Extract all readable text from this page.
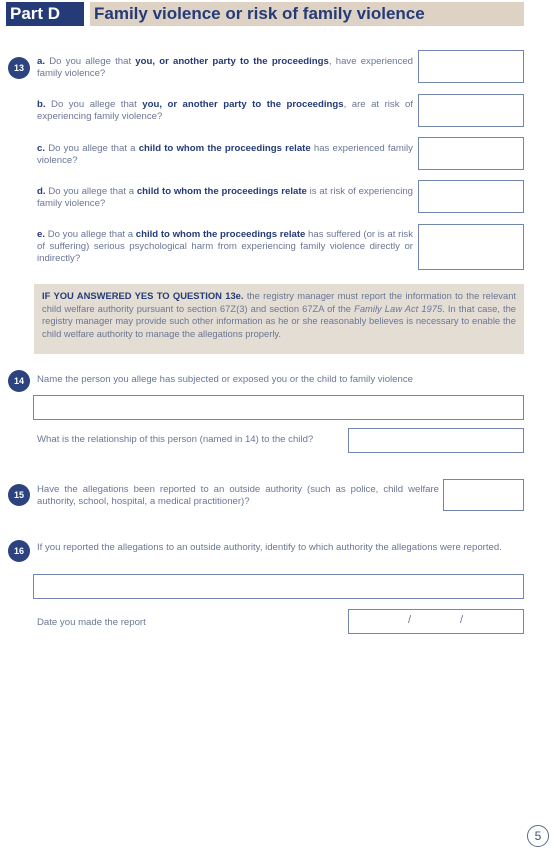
Part D	Family violence or risk of family violence
13
a. Do you allege that you, or another party to the proceedings, have experienced family violence?
b. Do you allege that you, or another party to the proceedings, are at risk of experiencing family violence?
c. Do you allege that a child to whom the proceedings relate has experienced family violence?
d. Do you allege that a child to whom the proceedings relate is at risk of experiencing family violence?
e. Do you allege that a child to whom the proceedings relate has suffered (or is at risk of suffering) serious psychological harm from experiencing family violence directly or indirectly?
IF YOU ANSWERED YES TO QUESTION 13e. the registry manager must report the information to the relevant child welfare authority pursuant to section 67Z(3) and section 67ZA of the Family Law Act 1975. In that case, the registry manager may provide such other information as he or she reasonably believes is necessary to enable the child welfare authority to manage the allegations properly.
14	Name the person you allege has subjected or exposed you or the child to family violence
What is the relationship of this person (named in 14) to the child?
15	Have the allegations been reported to an outside authority (such as police, child welfare authority, school, hospital, a medical practitioner)?
16	If you reported the allegations to an outside authority, identify to which authority the allegations were reported.
Date you made the report	/	/
5
